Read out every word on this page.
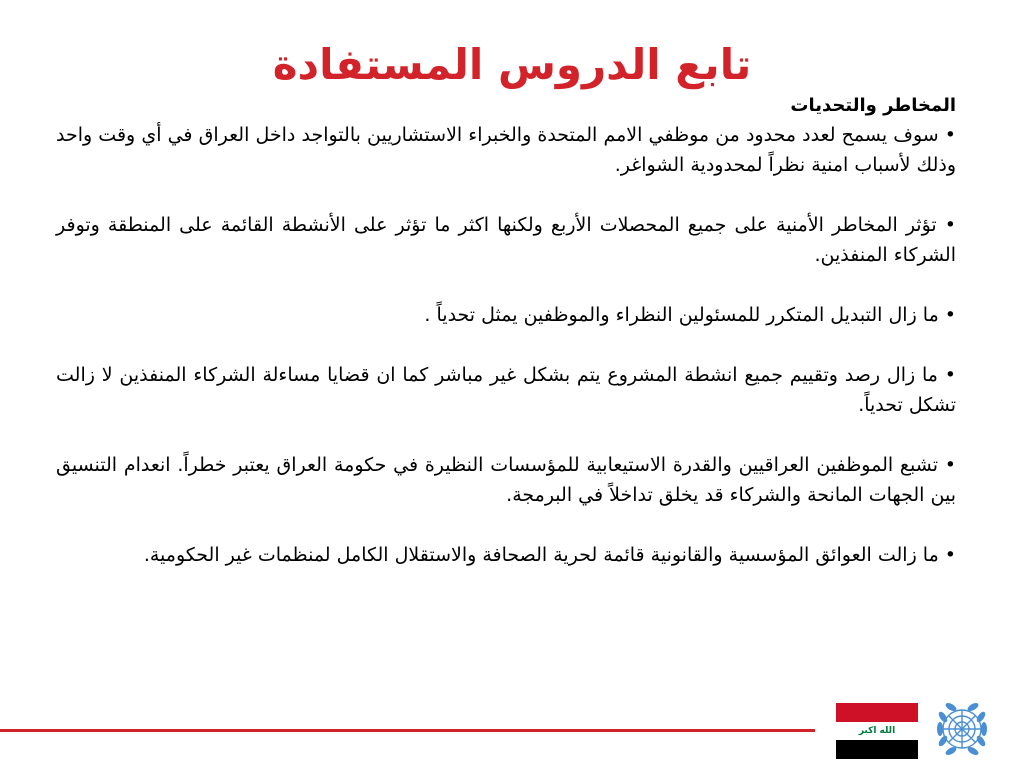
تابع الدروس المستفادة

المخاطر والتحديات

• سوف يسمح لعدد محدود من موظفي الامم المتحدة والخبراء الاستشاريين بالتواجد داخل العراق في أي وقت واحد وذلك لأسباب امنية نظراً لمحدودية الشواغر.

• تؤثر المخاطر الأمنية على جميع المحصلات الأربع ولكنها اكثر ما تؤثر على الأنشطة القائمة على المنطقة وتوفر الشركاء المنفذين.

• ما زال التبديل المتكرر للمسئولين النظراء والموظفين يمثل تحدياً .

• ما زال رصد وتقييم جميع انشطة المشروع يتم بشكل غير مباشر كما ان قضايا مساءلة الشركاء المنفذين لا زالت تشكل تحدياً.

• تشبع الموظفين العراقيين والقدرة الاستيعابية للمؤسسات النظيرة في حكومة العراق يعتبر خطراً. انعدام التنسيق بين الجهات المانحة والشركاء قد يخلق تداخلاً في البرمجة.

• ما زالت العوائق المؤسسية والقانونية قائمة لحرية الصحافة والاستقلال الكامل لمنظمات غير الحكومية.

الله اكبر
